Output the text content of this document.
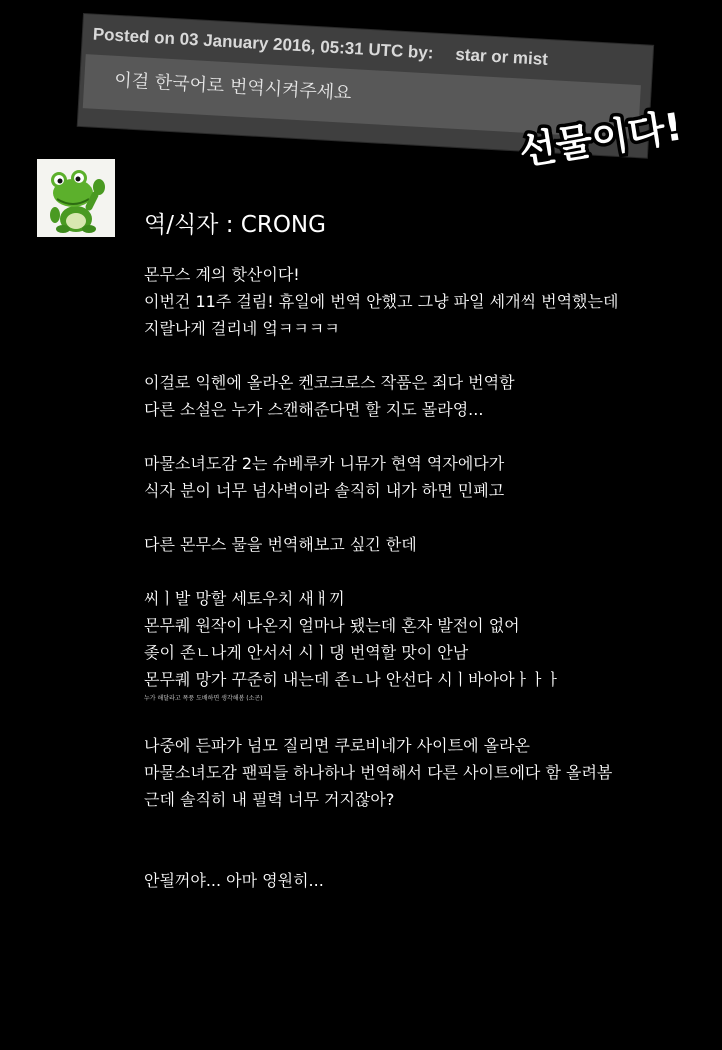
Posted on 03 January 2016, 05:31 UTC by: star or mist
이걸 한국어로 번역시켜주세요
선물이다!
역/식자 : CRONG

몬무스 계의 핫산이다!

이번건 11주 걸림! 휴일에 번역 안했고 그냥 파일 세개씩 번역했는데

지랄나게 걸리네 엌ㅋㅋㅋㅋ

이걸로 익헨에 올라온 켄코크로스 작품은 죄다 번역함

다른 소설은 누가 스캔해준다면 할 지도 몰라영...

마물소녀도감 2는 슈베루카 니뮤가 현역 역자에다가

식자 분이 너무 넘사벽이라 솔직히 내가 하면 민폐고

다른 몬무스 물을 번역해보고 싶긴 한데

씨ㅣ발 망할 세토우치 새ㅐ끼

몬무퀘 원작이 나온지 얼마나 됐는데 혼자 발전이 없어

좆이 존ㄴ나게 안서서 시ㅣ댕 번역할 맛이 안남

몬무퀘 망가 꾸준히 내는데 존ㄴ나 안선다 시ㅣ바아아ㅏㅏㅏ

누가 해달라고 폭풍 도배하면 생각해봄 (소곤)

나중에 든파가 넘모 질리면 쿠로비네가 사이트에 올라온

마물소녀도감 팬픽들 하나하나 번역해서 다른 사이트에다 함 올려봄

근데 솔직히 내 필력 너무 거지잖아?

안될꺼야... 아마 영원히...
